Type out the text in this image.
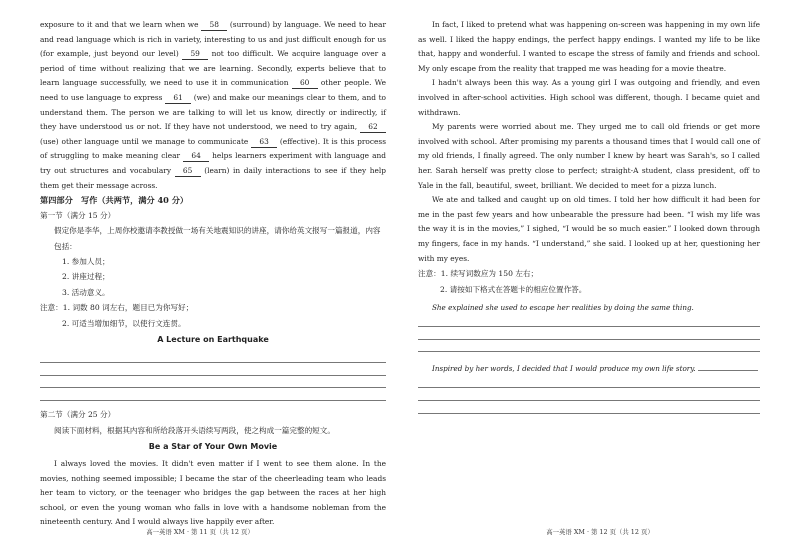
exposure to it and that we learn when we 58 (surround) by language. We need to hear and read language which is rich in variety, interesting to us and just difficult enough for us (for example, just beyond our level) 59 not too difficult. We acquire language over a period of time without realizing that we are learning. Secondly, experts believe that to learn language successfully, we need to use it in communication 60 other people. We need to use language to express 61 (we) and make our meanings clear to them, and to understand them. The person we are talking to will let us know, directly or indirectly, if they have understood us or not. If they have not understood, we need to try again, 62 (use) other language until we manage to communicate 63 (effective). It is this process of struggling to make meaning clear 64 helps learners experiment with language and try out structures and vocabulary 65 (learn) in daily interactions to see if they help them get their message across.

第四部分　写作（共两节，满分 40 分）

第一节（满分 15 分）

假定你是李华，上周你校邀请李教授做一场有关地震知识的讲座，请你给英文报写一篇报道，内容包括：

1. 参加人员；

2. 讲座过程；

3. 活动意义。

注意：1. 词数 80 词左右，题目已为你写好；

2. 可适当增加细节，以使行文连贯。

A Lecture on Earthquake

第二节（满分 25 分）

阅读下面材料，根据其内容和所给段落开头语续写两段，使之构成一篇完整的短文。

Be a Star of Your Own Movie

I always loved the movies. It didn't even matter if I went to see them alone. In the movies, nothing seemed impossible; I became the star of the cheerleading team who leads her team to victory, or the teenager who bridges the gap between the races at her high school, or even the young woman who falls in love with a handsome nobleman from the nineteenth century. And I would always live happily ever after.

高一英语 XM · 第 11 页（共 12 页）

In fact, I liked to pretend what was happening on-screen was happening in my own life as well. I liked the happy endings, the perfect happy endings. I wanted my life to be like that, happy and wonderful. I wanted to escape the stress of family and friends and school. My only escape from the reality that trapped me was heading for a movie theatre.

I hadn't always been this way. As a young girl I was outgoing and friendly, and even involved in after-school activities. High school was different, though. I became quiet and withdrawn.

My parents were worried about me. They urged me to call old friends or get more involved with school. After promising my parents a thousand times that I would call one of my old friends, I finally agreed. The only number I knew by heart was Sarah's, so I called her. Sarah herself was pretty close to perfect; straight-A student, class president, off to Yale in the fall, beautiful, sweet, brilliant. We decided to meet for a pizza lunch.

We ate and talked and caught up on old times. I told her how difficult it had been for me in the past few years and how unbearable the pressure had been. “I wish my life was the way it is in the movies,” I sighed, “I would be so much easier.” I looked down through my fingers, face in my hands. “I understand,” she said. I looked up at her, questioning her with my eyes.

注意：1. 续写词数应为 150 左右；

2. 请按如下格式在答题卡的相应位置作答。

She explained she used to escape her realities by doing the same thing.

Inspired by her words, I decided that I would produce my own life story.

高一英语 XM · 第 12 页（共 12 页）
